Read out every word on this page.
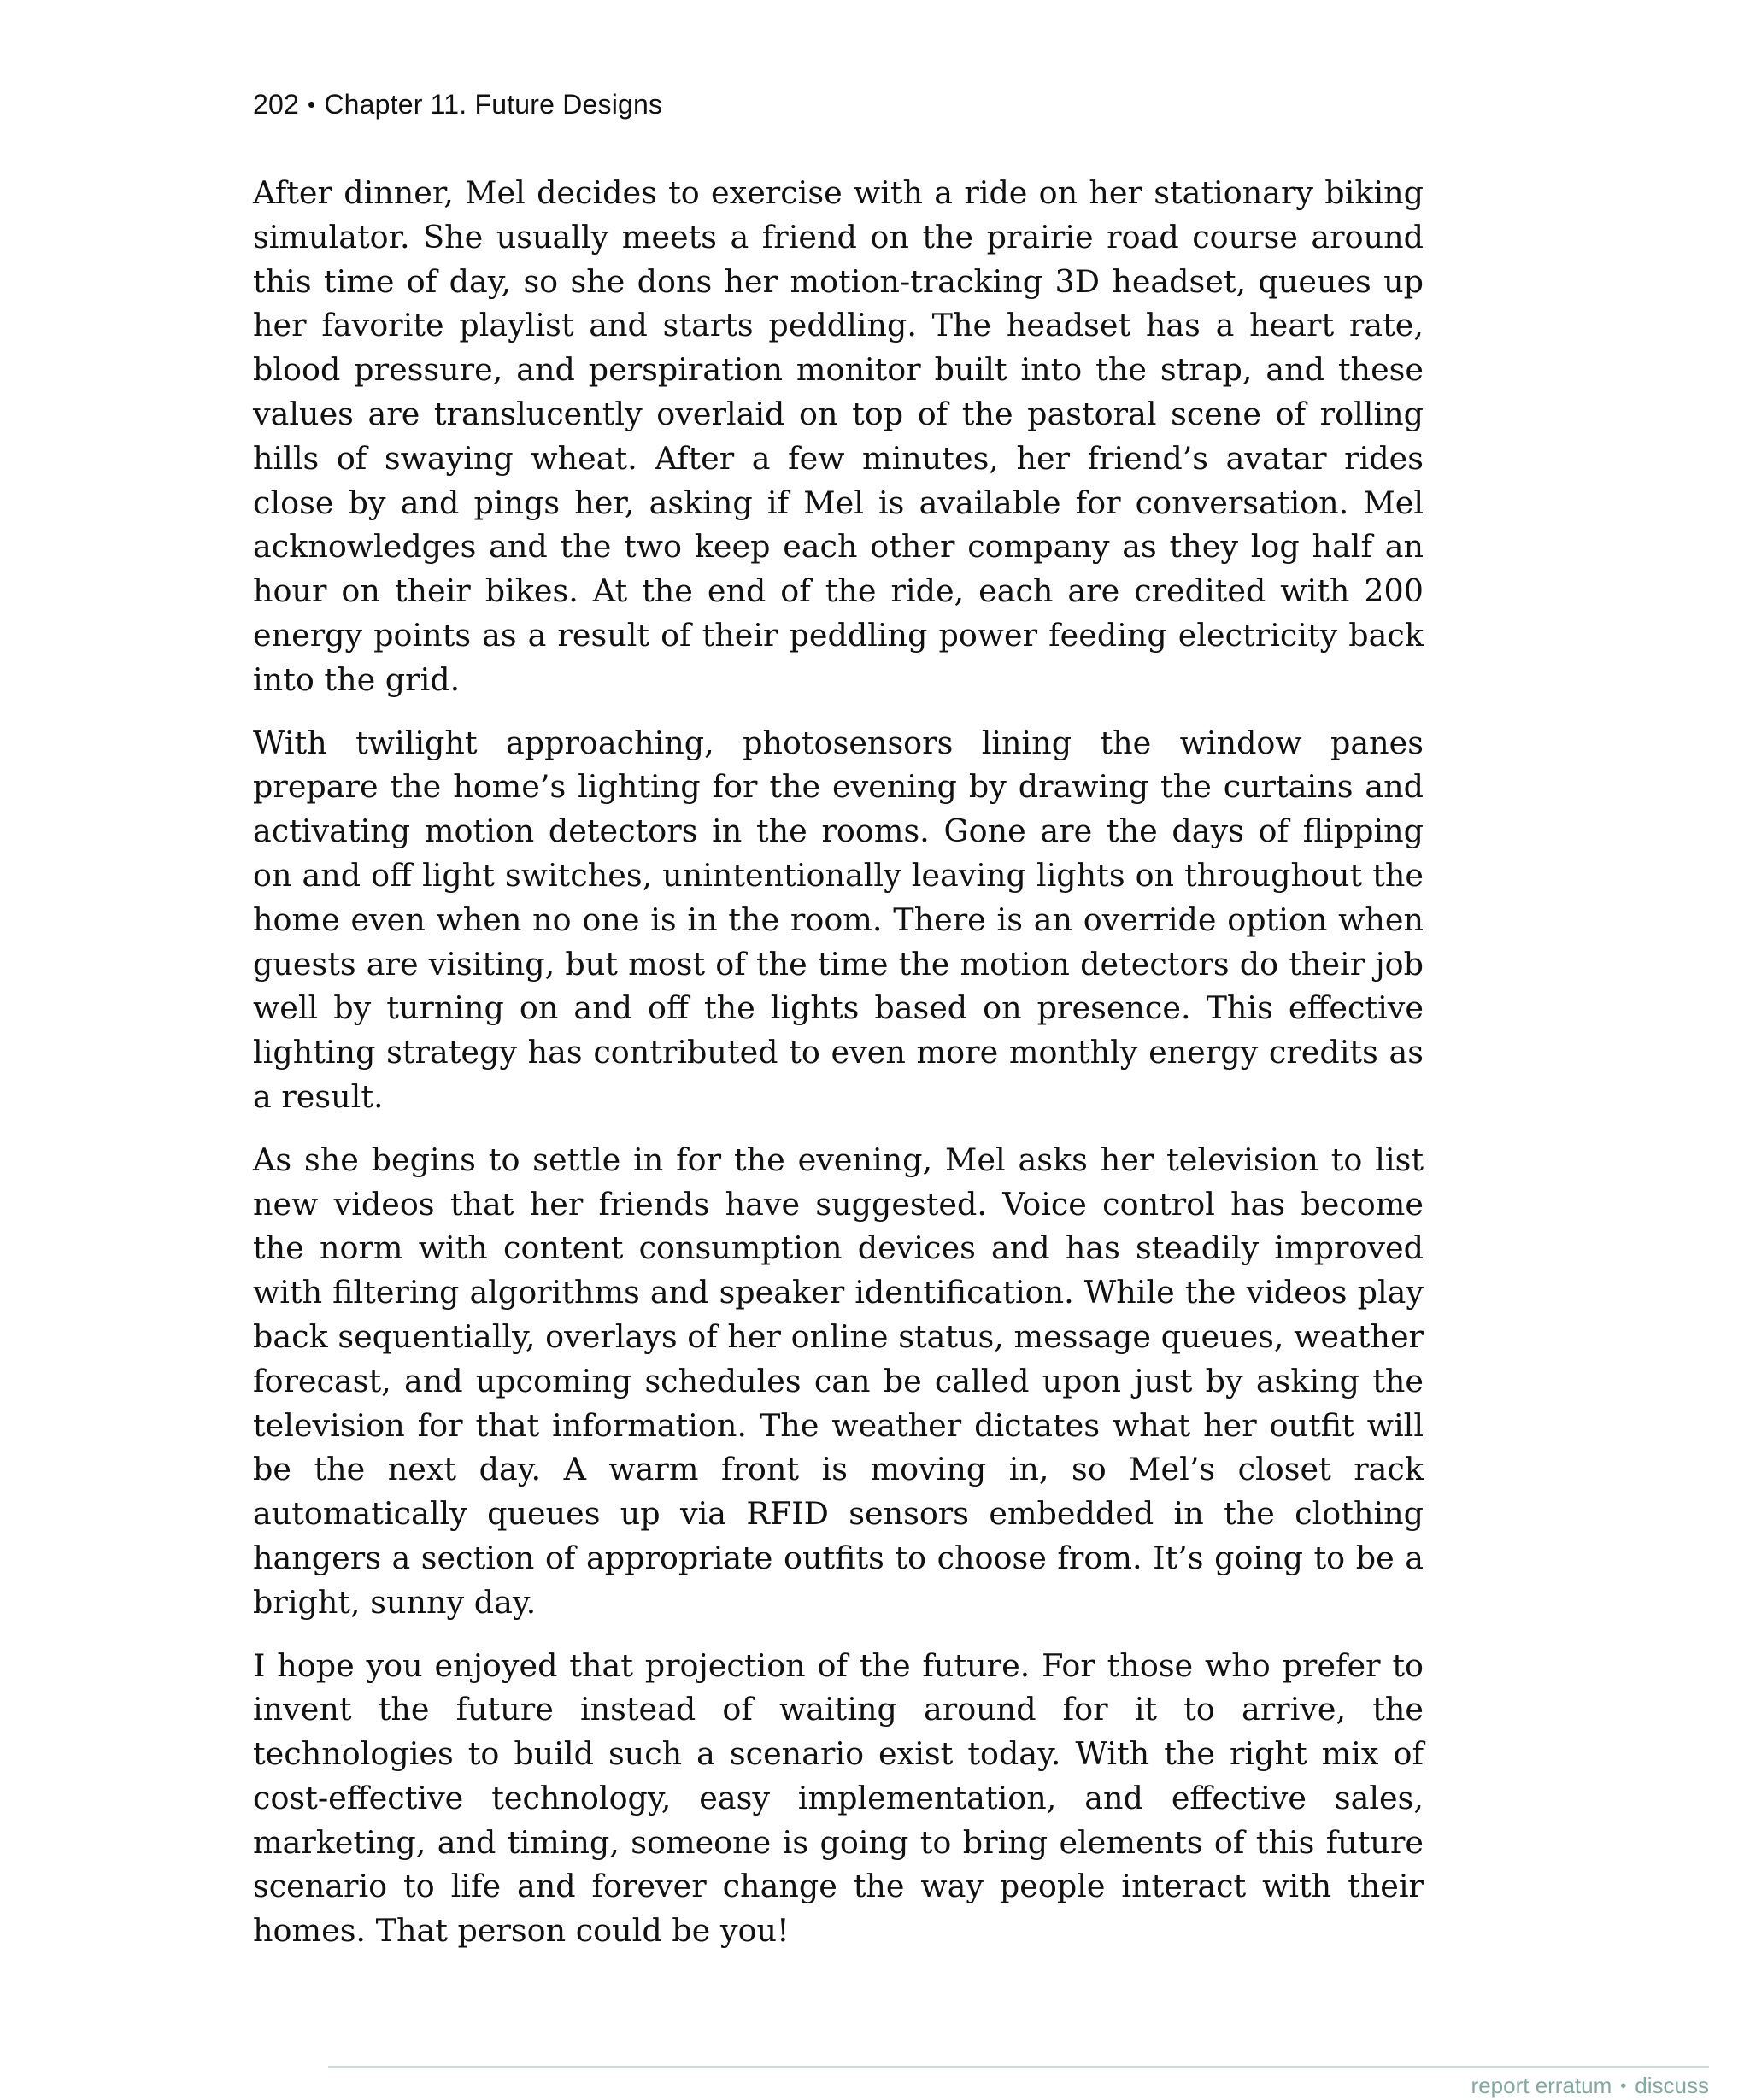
202 • Chapter 11. Future Designs

After dinner, Mel decides to exercise with a ride on her stationary biking simulator. She usually meets a friend on the prairie road course around this time of day, so she dons her motion-tracking 3D headset, queues up her favorite playlist and starts peddling. The headset has a heart rate, blood pressure, and perspiration monitor built into the strap, and these values are translucently overlaid on top of the pastoral scene of rolling hills of swaying wheat. After a few minutes, her friend’s avatar rides close by and pings her, asking if Mel is available for conversation. Mel acknowledges and the two keep each other company as they log half an hour on their bikes. At the end of the ride, each are credited with 200 energy points as a result of their peddling power feeding electricity back into the grid.

With twilight approaching, photosensors lining the window panes prepare the home’s lighting for the evening by drawing the curtains and activating motion detectors in the rooms. Gone are the days of flipping on and off light switches, unintentionally leaving lights on throughout the home even when no one is in the room. There is an override option when guests are visiting, but most of the time the motion detectors do their job well by turning on and off the lights based on presence. This effective lighting strategy has contributed to even more monthly energy credits as a result.

As she begins to settle in for the evening, Mel asks her television to list new videos that her friends have suggested. Voice control has become the norm with content consumption devices and has steadily improved with filtering algorithms and speaker identification. While the videos play back sequentially, overlays of her online status, message queues, weather forecast, and upcoming schedules can be called upon just by asking the television for that information. The weather dictates what her outfit will be the next day. A warm front is moving in, so Mel’s closet rack automatically queues up via RFID sensors embedded in the clothing hangers a section of appropriate outfits to choose from. It’s going to be a bright, sunny day.

I hope you enjoyed that projection of the future. For those who prefer to invent the future instead of waiting around for it to arrive, the technologies to build such a scenario exist today. With the right mix of cost-effective technology, easy implementation, and effective sales, marketing, and timing, someone is going to bring elements of this future scenario to life and forever change the way people interact with their homes. That person could be you!

report erratum • discuss
